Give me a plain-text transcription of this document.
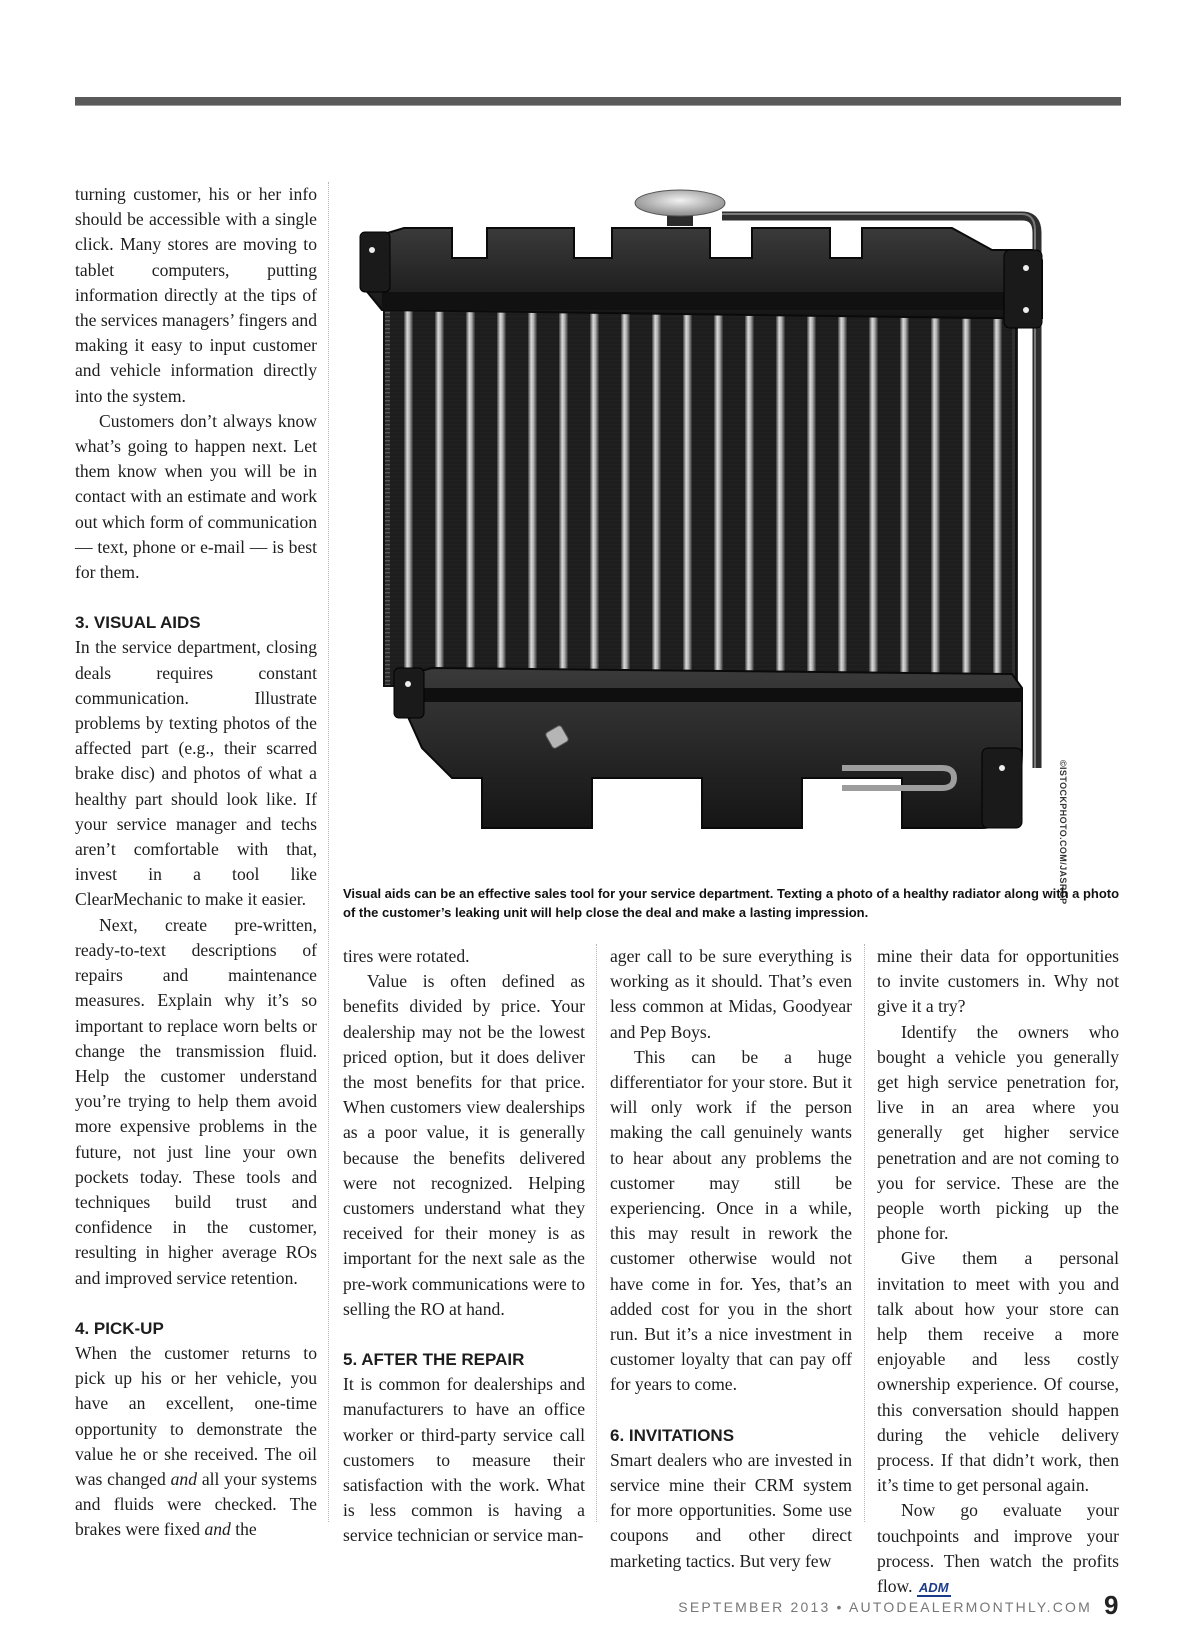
turning customer, his or her info should be accessible with a single click. Many stores are moving to tablet computers, putting information directly at the tips of the services managers’ fingers and making it easy to input customer and vehicle information directly into the system.

Customers don’t always know what’s going to happen next. Let them know when you will be in contact with an estimate and work out which form of communication — text, phone or e-mail — is best for them.

3. VISUAL AIDS

In the service department, closing deals requires constant communication. Illustrate problems by texting photos of the affected part (e.g., their scarred brake disc) and photos of what a healthy part should look like. If your service manager and techs aren’t comfortable with that, invest in a tool like ClearMechanic to make it easier.

Next, create pre-written, ready-to-text descriptions of repairs and maintenance measures. Explain why it’s so important to replace worn belts or change the transmission fluid. Help the customer understand you’re trying to help them avoid more expensive problems in the future, not just line your own pockets today. These tools and techniques build trust and confidence in the customer, resulting in higher average ROs and improved service retention.

4. PICK-UP

When the customer returns to pick up his or her vehicle, you have an excellent, one-time opportunity to demonstrate the value he or she received. The oil was changed and all your systems and fluids were checked. The brakes were fixed and the

©ISTOCKPHOTO.COM/JASROP
Visual aids can be an effective sales tool for your service department. Texting a photo of a healthy radiator along with a photo of the customer’s leaking unit will help close the deal and make a lasting impression.

tires were rotated.

Value is often defined as benefits divided by price. Your dealership may not be the lowest priced option, but it does deliver the most benefits for that price. When customers view dealerships as a poor value, it is generally because the benefits delivered were not recognized. Helping customers understand what they received for their money is as important for the next sale as the pre-work communications were to selling the RO at hand.

5. AFTER THE REPAIR

It is common for dealerships and manufacturers to have an office worker or third-party service call customers to measure their satisfaction with the work. What is less common is having a service technician or service man-

ager call to be sure everything is working as it should. That’s even less common at Midas, Goodyear and Pep Boys.

This can be a huge differentiator for your store. But it will only work if the person making the call genuinely wants to hear about any problems the customer may still be experiencing. Once in a while, this may result in rework the customer otherwise would not have come in for. Yes, that’s an added cost for you in the short run. But it’s a nice investment in customer loyalty that can pay off for years to come.

6. INVITATIONS

Smart dealers who are invested in service mine their CRM system for more opportunities. Some use coupons and other direct marketing tactics. But very few

mine their data for opportunities to invite customers in. Why not give it a try?

Identify the owners who bought a vehicle you generally get high service penetration for, live in an area where you generally get higher service penetration and are not coming to you for service. These are the people worth picking up the phone for.

Give them a personal invitation to meet with you and talk about how your store can help them receive a more enjoyable and less costly ownership experience. Of course, this conversation should happen during the vehicle delivery process. If that didn’t work, then it’s time to get personal again.

Now go evaluate your touchpoints and improve your process. Then watch the profits flow. ADM

SEPTEMBER 2013 • AUTODEALERMONTHLY.COM 9
